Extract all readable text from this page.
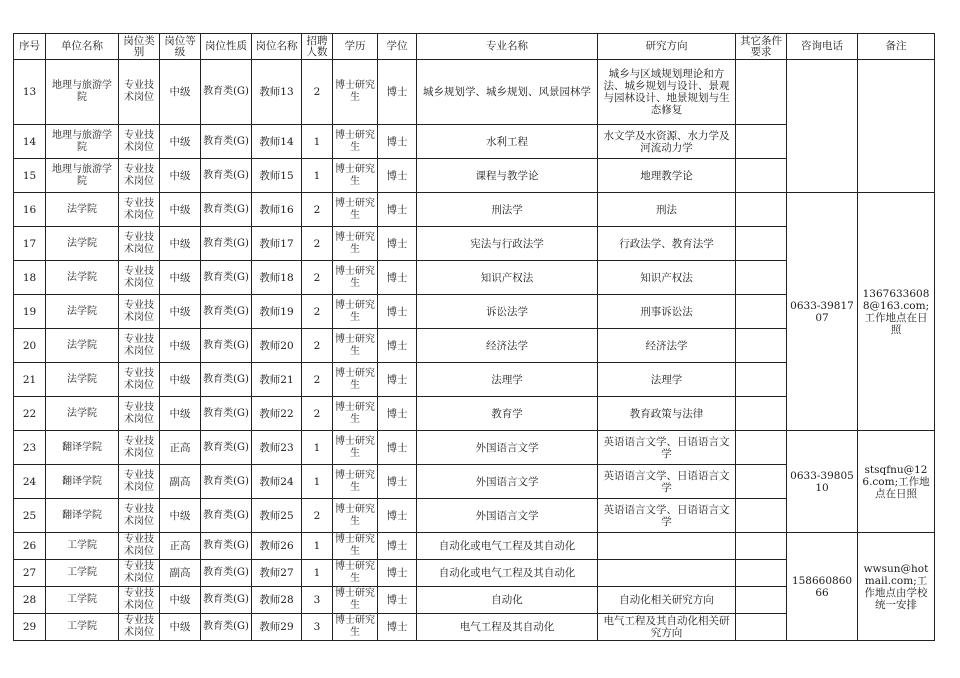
序号	单位名称	岗位类别	岗位等级	岗位性质	岗位名称	招聘人数	学历	学位	专业名称	研究方向	其它条件要求	咨询电话	备注
13	地理与旅游学院	专业技术岗位	中级	教育类(G)	教师13	2	博士研究生	博士	城乡规划学、城乡规划、风景园林学	城乡与区域规划理论和方法、城乡规划与设计、景观与园林设计、地景规划与生态修复			
14	地理与旅游学院	专业技术岗位	中级	教育类(G)	教师14	1	博士研究生	博士	水利工程	水文学及水资源、水力学及河流动力学			
15	地理与旅游学院	专业技术岗位	中级	教育类(G)	教师15	1	博士研究生	博士	课程与教学论	地理教学论			
16	法学院	专业技术岗位	中级	教育类(G)	教师16	2	博士研究生	博士	刑法学	刑法		0633-3981707	13676336088@163.com; 工作地点在日照
17	法学院	专业技术岗位	中级	教育类(G)	教师17	2	博士研究生	博士	宪法与行政法学	行政法学、教育法学			
18	法学院	专业技术岗位	中级	教育类(G)	教师18	2	博士研究生	博士	知识产权法	知识产权法			
19	法学院	专业技术岗位	中级	教育类(G)	教师19	2	博士研究生	博士	诉讼法学	刑事诉讼法			
20	法学院	专业技术岗位	中级	教育类(G)	教师20	2	博士研究生	博士	经济法学	经济法学			
21	法学院	专业技术岗位	中级	教育类(G)	教师21	2	博士研究生	博士	法理学	法理学			
22	法学院	专业技术岗位	中级	教育类(G)	教师22	2	博士研究生	博士	教育学	教育政策与法律			
23	翻译学院	专业技术岗位	正高	教育类(G)	教师23	1	博士研究生	博士	外国语言文学	英语语言文学、日语语言文学		0633-3980510	stsqfnu@126.com;工作地点在日照
24	翻译学院	专业技术岗位	副高	教育类(G)	教师24	1	博士研究生	博士	外国语言文学	英语语言文学、日语语言文学			
25	翻译学院	专业技术岗位	中级	教育类(G)	教师25	2	博士研究生	博士	外国语言文学	英语语言文学、日语语言文学			
26	工学院	专业技术岗位	正高	教育类(G)	教师26	1	博士研究生	博士	自动化或电气工程及其自动化			15866086066	wwsun@hotmail.com;工作地点由学校统一安排
27	工学院	专业技术岗位	副高	教育类(G)	教师27	1	博士研究生	博士	自动化或电气工程及其自动化				
28	工学院	专业技术岗位	中级	教育类(G)	教师28	3	博士研究生	博士	自动化	自动化相关研究方向			
29	工学院	专业技术岗位	中级	教育类(G)	教师29	3	博士研究生	博士	电气工程及其自动化	电气工程及其自动化相关研究方向			
